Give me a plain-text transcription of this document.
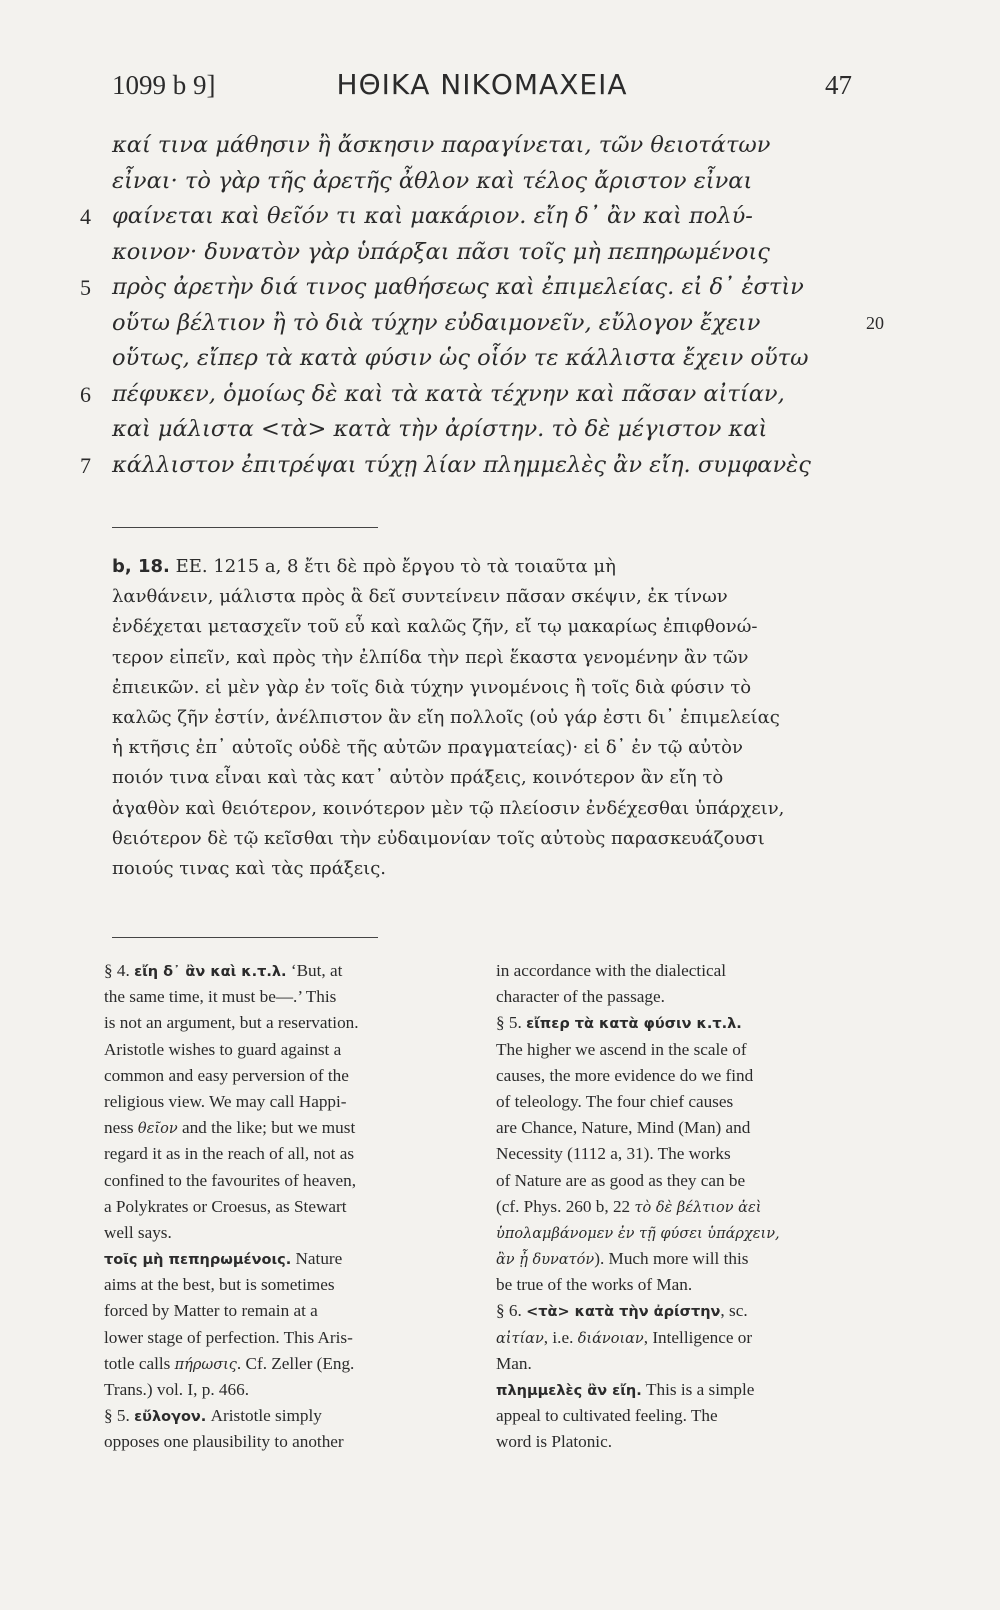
1099 b 9]	ΗΘΙΚΑ ΝΙΚΟΜΑΧΕΙΑ	47
καί τινα μάθησιν ἢ ἄσκησιν παραγίνεται, τῶν θειοτάτων
εἶναι· τὸ γὰρ τῆς ἀρετῆς ἆθλον καὶ τέλος ἄριστον εἶναι
4 φαίνεται καὶ θεῖόν τι καὶ μακάριον. εἴη δ᾽ ἂν καὶ πολύ-
κοινον· δυνατὸν γὰρ ὑπάρξαι πᾶσι τοῖς μὴ πεπηρωμένοις
5 πρὸς ἀρετὴν διά τινος μαθήσεως καὶ ἐπιμελείας. εἰ δ᾽ ἐστὶν
οὕτω βέλτιον ἢ τὸ διὰ τύχην εὐδαιμονεῖν, εὔλογον ἔχειν	20
οὕτως, εἴπερ τὰ κατὰ φύσιν ὡς οἷόν τε κάλλιστα ἔχειν οὕτω
6 πέφυκεν, ὁμοίως δὲ καὶ τὰ κατὰ τέχνην καὶ πᾶσαν αἰτίαν,
καὶ μάλιστα <τὰ> κατὰ τὴν ἀρίστην. τὸ δὲ μέγιστον καὶ
7 κάλλιστον ἐπιτρέψαι τύχῃ λίαν πλημμελὲς ἂν εἴη. συμφανὲς
b, 18. ΕΕ. 1215 a, 8 ἔτι δὲ πρὸ ἔργου τὸ τὰ τοιαῦτα μὴ
λανθάνειν, μάλιστα πρὸς ἃ δεῖ συντείνειν πᾶσαν σκέψιν, ἐκ τίνων
ἐνδέχεται μετασχεῖν τοῦ εὖ καὶ καλῶς ζῆν, εἴ τῳ μακαρίως ἐπιφθονώ-
τερον εἰπεῖν, καὶ πρὸς τὴν ἐλπίδα τὴν περὶ ἕκαστα γενομένην ἂν τῶν
ἐπιεικῶν. εἰ μὲν γὰρ ἐν τοῖς διὰ τύχην γινομένοις ἢ τοῖς διὰ φύσιν τὸ
καλῶς ζῆν ἐστίν, ἀνέλπιστον ἂν εἴη πολλοῖς (οὐ γάρ ἐστι δι᾽ ἐπιμελείας
ἡ κτῆσις ἐπ᾽ αὐτοῖς οὐδὲ τῆς αὐτῶν πραγματείας)· εἰ δ᾽ ἐν τῷ αὐτὸν
ποιόν τινα εἶναι καὶ τὰς κατ᾽ αὐτὸν πράξεις, κοινότερον ἂν εἴη τὸ
ἀγαθὸν καὶ θειότερον, κοινότερον μὲν τῷ πλείοσιν ἐνδέχεσθαι ὑπάρχειν,
θειότερον δὲ τῷ κεῖσθαι τὴν εὐδαιμονίαν τοῖς αὐτοὺς παρασκευάζουσι
ποιούς τινας καὶ τὰς πράξεις.
§ 4. εἴη δ᾽ ἂν καὶ κ.τ.λ. ‘But, at
the same time, it must be—.’ This
is not an argument, but a reservation.
Aristotle wishes to guard against a
common and easy perversion of the
religious view. We may call Happi-
ness θεῖον and the like; but we must
regard it as in the reach of all, not as
confined to the favourites of heaven,
a Polykrates or Croesus, as Stewart
well says.
τοῖς μὴ πεπηρωμένοις. Nature
aims at the best, but is sometimes
forced by Matter to remain at a
lower stage of perfection. This Aris-
totle calls πήρωσις. Cf. Zeller (Eng.
Trans.) vol. I, p. 466.
§ 5. εὔλογον. Aristotle simply
opposes one plausibility to another
in accordance with the dialectical
character of the passage.
§ 5. εἴπερ τὰ κατὰ φύσιν κ.τ.λ.
The higher we ascend in the scale of
causes, the more evidence do we find
of teleology. The four chief causes
are Chance, Nature, Mind (Man) and
Necessity (1112 a, 31). The works
of Nature are as good as they can be
(cf. Phys. 260 b, 22 τὸ δὲ βέλτιον ἀεὶ
ὑπολαμβάνομεν ἐν τῇ φύσει ὑπάρχειν,
ἂν ᾖ δυνατόν). Much more will this
be true of the works of Man.
§ 6. <τὰ> κατὰ τὴν ἀρίστην, sc.
αἰτίαν, i.e. διάνοιαν, Intelligence or
Man.
πλημμελὲς ἂν εἴη. This is a simple
appeal to cultivated feeling. The
word is Platonic.
